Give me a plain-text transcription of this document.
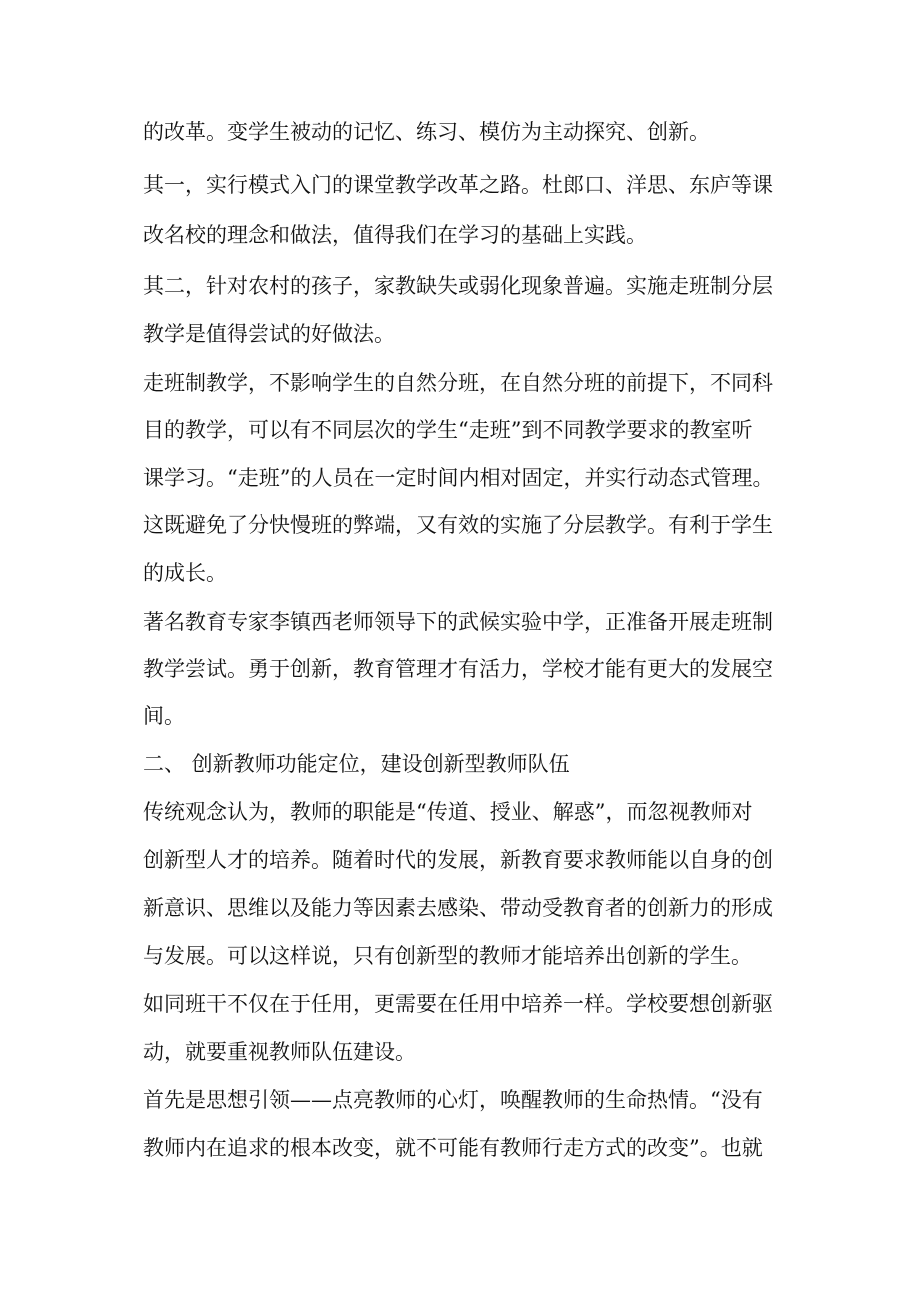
的改革。变学生被动的记忆、练习、模仿为主动探究、创新。
其一，实行模式入门的课堂教学改革之路。杜郎口、洋思、东庐等课
改名校的理念和做法，值得我们在学习的基础上实践。
其二，针对农村的孩子，家教缺失或弱化现象普遍。实施走班制分层
教学是值得尝试的好做法。
走班制教学，不影响学生的自然分班，在自然分班的前提下，不同科
目的教学，可以有不同层次的学生“走班”到不同教学要求的教室听
课学习。“走班”的人员在一定时间内相对固定，并实行动态式管理。
这既避免了分快慢班的弊端，又有效的实施了分层教学。有利于学生
的成长。
著名教育专家李镇西老师领导下的武候实验中学，正准备开展走班制
教学尝试。勇于创新，教育管理才有活力，学校才能有更大的发展空
间。
二、 创新教师功能定位，建设创新型教师队伍
传统观念认为，教师的职能是“传道、授业、解惑”，而忽视教师对
创新型人才的培养。随着时代的发展，新教育要求教师能以自身的创
新意识、思维以及能力等因素去感染、带动受教育者的创新力的形成
与发展。可以这样说，只有创新型的教师才能培养出创新的学生。
如同班干不仅在于任用，更需要在任用中培养一样。学校要想创新驱
动，就要重视教师队伍建设。
首先是思想引领——点亮教师的心灯，唤醒教师的生命热情。“没有
教师内在追求的根本改变，就不可能有教师行走方式的改变”。也就
